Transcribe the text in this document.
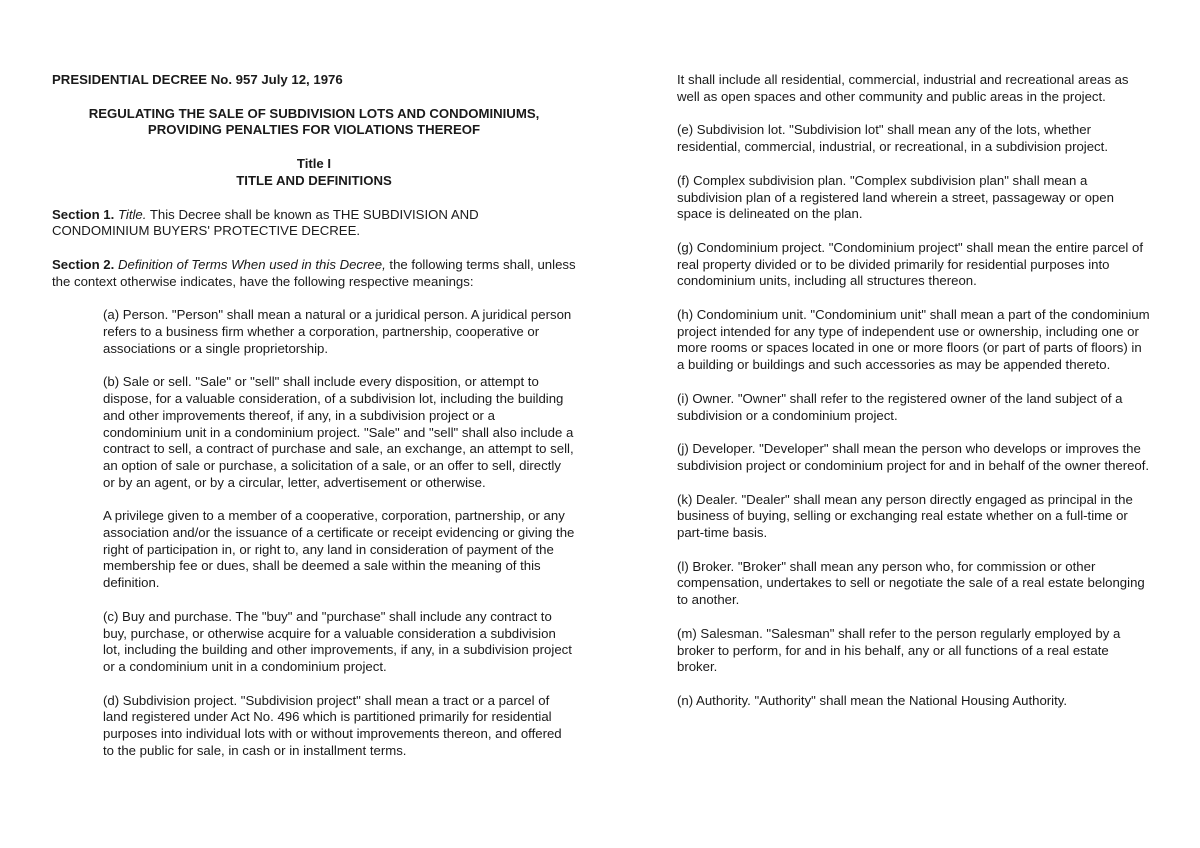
PRESIDENTIAL DECREE No. 957 July 12, 1976

REGULATING THE SALE OF SUBDIVISION LOTS AND CONDOMINIUMS,

PROVIDING PENALTIES FOR VIOLATIONS THEREOF

Title I

TITLE AND DEFINITIONS

Section 1. Title. This Decree shall be known as THE SUBDIVISION AND CONDOMINIUM BUYERS' PROTECTIVE DECREE.

Section 2. Definition of Terms When used in this Decree, the following terms shall, unless the context otherwise indicates, have the following respective meanings:

(a) Person. "Person" shall mean a natural or a juridical person. A juridical person refers to a business firm whether a corporation, partnership, cooperative or associations or a single proprietorship.

(b) Sale or sell. "Sale" or "sell" shall include every disposition, or attempt to dispose, for a valuable consideration, of a subdivision lot, including the building and other improvements thereof, if any, in a subdivision project or a condominium unit in a condominium project. "Sale" and "sell" shall also include a contract to sell, a contract of purchase and sale, an exchange, an attempt to sell, an option of sale or purchase, a solicitation of a sale, or an offer to sell, directly or by an agent, or by a circular, letter, advertisement or otherwise.

A privilege given to a member of a cooperative, corporation, partnership, or any association and/or the issuance of a certificate or receipt evidencing or giving the right of participation in, or right to, any land in consideration of payment of the membership fee or dues, shall be deemed a sale within the meaning of this definition.

(c) Buy and purchase. The "buy" and "purchase" shall include any contract to buy, purchase, or otherwise acquire for a valuable consideration a subdivision lot, including the building and other improvements, if any, in a subdivision project or a condominium unit in a condominium project.

(d) Subdivision project. "Subdivision project" shall mean a tract or a parcel of land registered under Act No. 496 which is partitioned primarily for residential purposes into individual lots with or without improvements thereon, and offered to the public for sale, in cash or in installment terms.

It shall include all residential, commercial, industrial and recreational areas as well as open spaces and other community and public areas in the project.

(e) Subdivision lot. "Subdivision lot" shall mean any of the lots, whether residential, commercial, industrial, or recreational, in a subdivision project.

(f) Complex subdivision plan. "Complex subdivision plan" shall mean a subdivision plan of a registered land wherein a street, passageway or open space is delineated on the plan.

(g) Condominium project. "Condominium project" shall mean the entire parcel of real property divided or to be divided primarily for residential purposes into condominium units, including all structures thereon.

(h) Condominium unit. "Condominium unit" shall mean a part of the condominium project intended for any type of independent use or ownership, including one or more rooms or spaces located in one or more floors (or part of parts of floors) in a building or buildings and such accessories as may be appended thereto.

(i) Owner. "Owner" shall refer to the registered owner of the land subject of a subdivision or a condominium project.

(j) Developer. "Developer" shall mean the person who develops or improves the subdivision project or condominium project for and in behalf of the owner thereof.

(k) Dealer. "Dealer" shall mean any person directly engaged as principal in the business of buying, selling or exchanging real estate whether on a full-time or part-time basis.

(l) Broker. "Broker" shall mean any person who, for commission or other compensation, undertakes to sell or negotiate the sale of a real estate belonging to another.

(m) Salesman. "Salesman" shall refer to the person regularly employed by a broker to perform, for and in his behalf, any or all functions of a real estate broker.

(n) Authority. "Authority" shall mean the National Housing Authority.
